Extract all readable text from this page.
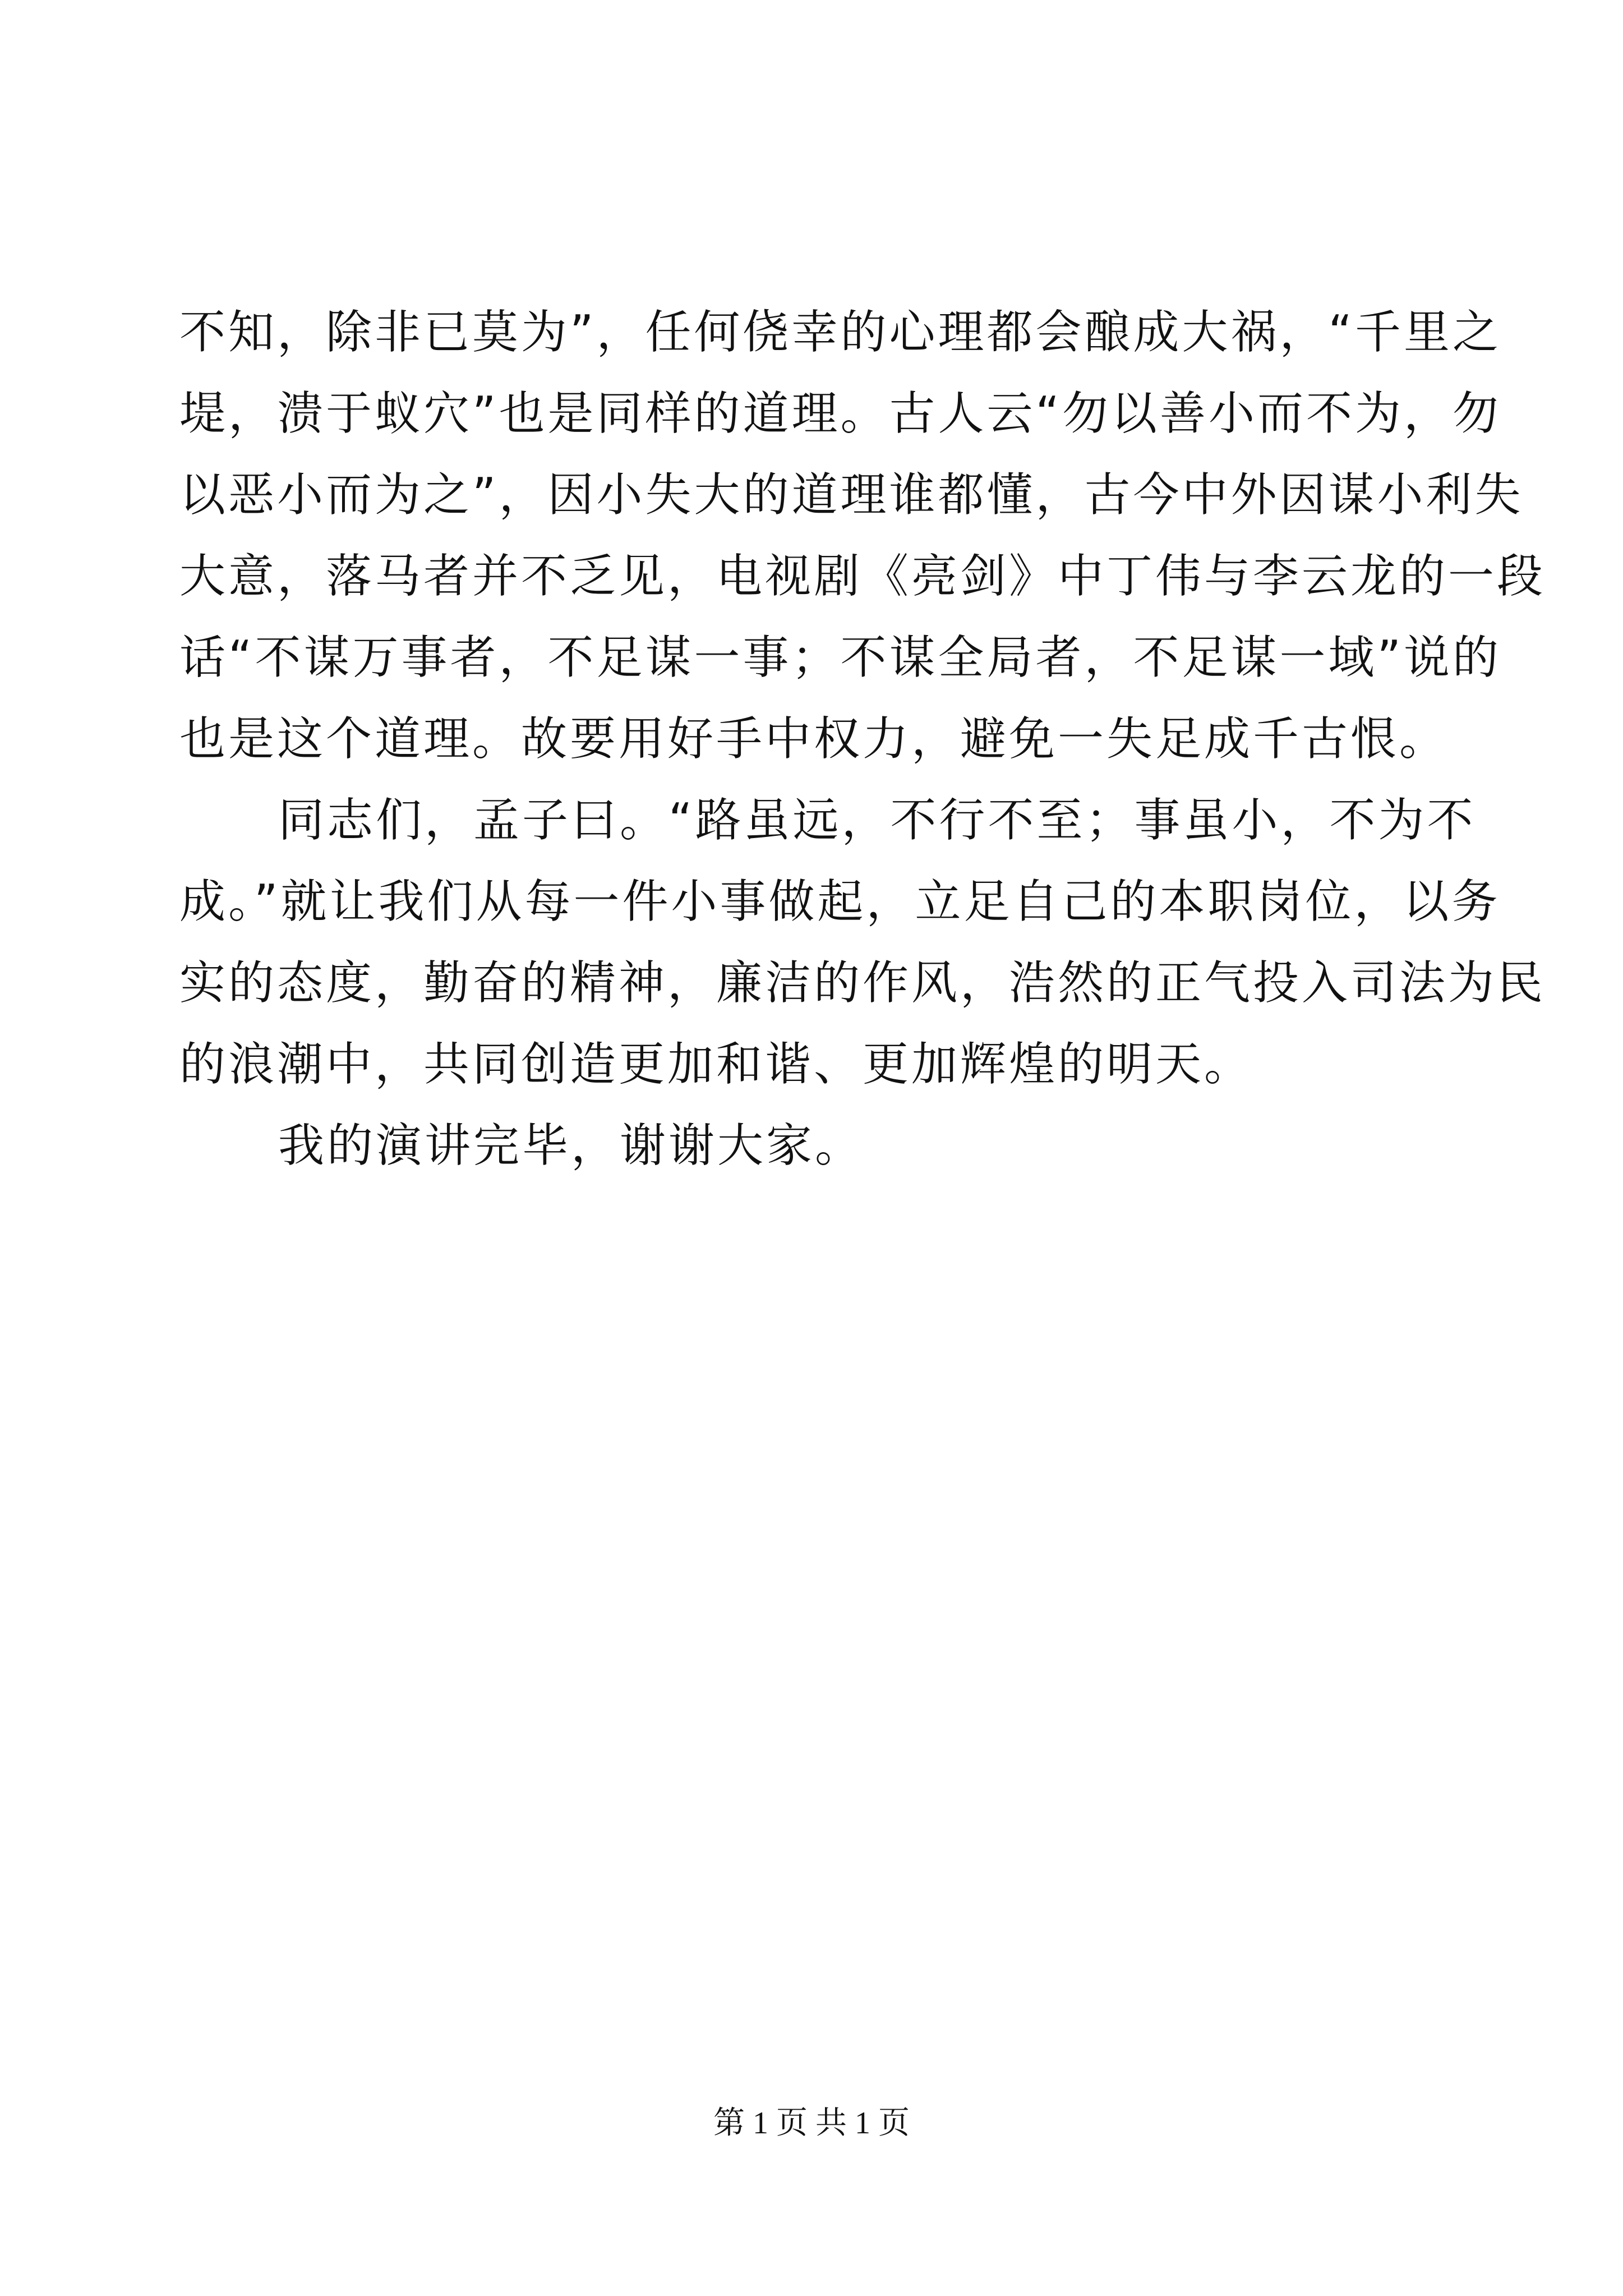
不知，除非已莫为”，任何侥幸的心理都会酿成大祸，“千里之
堤，溃于蚁穴”也是同样的道理。古人云“勿以善小而不为，勿
以恶小而为之”，因小失大的道理谁都懂，古今中外因谋小利失
大意，落马者并不乏见，电视剧《亮剑》中丁伟与李云龙的一段
话“不谋万事者，不足谋一事；不谋全局者，不足谋一域”说的
也是这个道理。故要用好手中权力，避免一失足成千古恨。
同志们，孟子曰。“路虽远，不行不至；事虽小，不为不
成。”就让我们从每一件小事做起，立足自己的本职岗位，以务
实的态度，勤奋的精神，廉洁的作风，浩然的正气投入司法为民
的浪潮中，共同创造更加和谐、更加辉煌的明天。
我的演讲完毕，谢谢大家。
第 1 页 共 1 页
